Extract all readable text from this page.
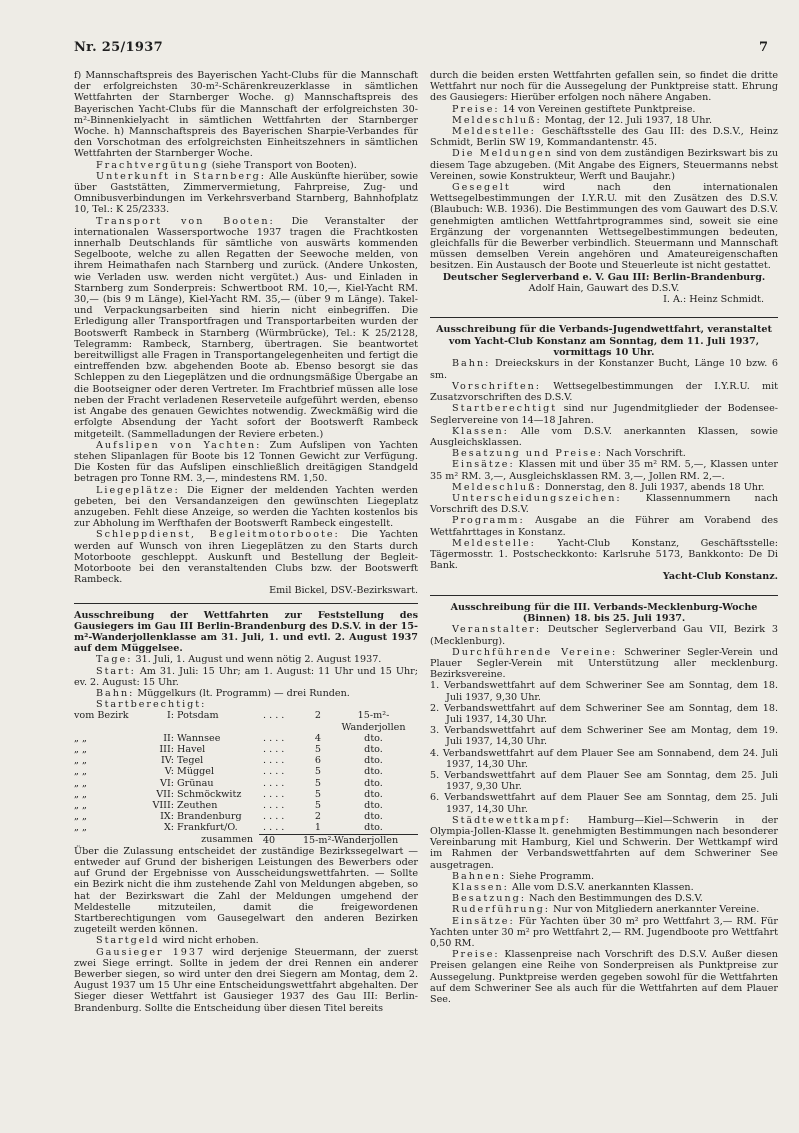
Nr. 25/1937	7

f) Mannschaftspreis des Bayerischen Yacht-Clubs für die Mannschaft der erfolgreichsten 30-m²-Schärenkreuzerklasse in sämtlichen Wettfahrten der Starnberger Woche. g) Mannschaftspreis des Bayerischen Yacht-Clubs für die Mannschaft der erfolgreichsten 30-m²-Binnenkielyacht in sämtlichen Wettfahrten der Starnberger Woche. h) Mannschaftspreis des Bayerischen Sharpie-Verbandes für den Vorschotman des erfolgreichsten Einheitszehners in sämtlichen Wettfahrten der Starnberger Woche.

Frachtvergütung (siehe Transport von Booten).

Unterkunft in Starnberg: Alle Auskünfte hierüber, sowie über Gaststätten, Zimmervermietung, Fahrpreise, Zug- und Omnibusverbindungen im Verkehrsverband Starnberg, Bahnhofplatz 10, Tel.: K 25/2333.

Transport von Booten: Die Veranstalter der internationalen Wassersportwoche 1937 tragen die Frachtkosten innerhalb Deutschlands für sämtliche von auswärts kommenden Segelboote, welche zu allen Regatten der Seewoche melden, von ihrem Heimathafen nach Starnberg und zurück. (Andere Unkosten, wie Verladen usw. werden nicht vergütet.) Aus- und Einladen in Starnberg zum Sonderpreis: Schwertboot RM. 10,—, Kiel-Yacht RM. 30,— (bis 9 m Länge), Kiel-Yacht RM. 35,— (über 9 m Länge). Takel- und Verpackungsarbeiten sind hierin nicht einbegriffen. Die Erledigung aller Transportfragen und Transportarbeiten wurden der Bootswerft Rambeck in Starnberg (Würmbrücke), Tel.: K 25/2128, Telegramm: Rambeck, Starnberg, übertragen. Sie beantwortet bereitwilligst alle Fragen in Transportangelegenheiten und fertigt die eintreffenden bzw. abgehenden Boote ab. Ebenso besorgt sie das Schleppen zu den Liegeplätzen und die ordnungsmäßige Übergabe an die Bootseigner oder deren Vertreter. Im Frachtbrief müssen alle lose neben der Fracht verladenen Reserveteile aufgeführt werden, ebenso ist Angabe des genauen Gewichtes notwendig. Zweckmäßig wird die erfolgte Absendung der Yacht sofort der Bootswerft Rambeck mitgeteilt. (Sammelladungen der Reviere erbeten.)

Aufslipen von Yachten: Zum Aufslipen von Yachten stehen Slipanlagen für Boote bis 12 Tonnen Gewicht zur Verfügung. Die Kosten für das Aufslipen einschließlich dreitägigen Standgeld betragen pro Tonne RM. 3,—, mindestens RM. 1,50.

Liegeplätze: Die Eigner der meldenden Yachten werden gebeten, bei den Versandanzeigen den gewünschten Liegeplatz anzugeben. Fehlt diese Anzeige, so werden die Yachten kostenlos bis zur Abholung im Werfthafen der Bootswerft Rambeck eingestellt.

Schleppdienst, Begleitmotorboote: Die Yachten werden auf Wunsch von ihren Liegeplätzen zu den Starts durch Motorboote geschleppt. Auskunft und Bestellung der Begleit-Motorboote bei den veranstaltenden Clubs bzw. der Bootswerft Rambeck.

Emil Bickel, DSV.-Bezirkswart.

Ausschreibung der Wettfahrten zur Feststellung des Gausiegers im Gau III Berlin-Brandenburg des D.S.V. in der 15-m²-Wanderjollenklasse am 31. Juli, 1. und evtl. 2. August 1937 auf dem Müggelsee.

Tage: 31. Juli, 1. August und wenn nötig 2. August 1937.

Start: Am 31. Juli: 15 Uhr; am 1. August: 11 Uhr und 15 Uhr; ev. 2. August: 15 Uhr.

Bahn: Müggelkurs (lt. Programm) — drei Runden.

Startberechtigt:

vom Bezirk	I:	Potsdam	. . . .	2	15-m²-Wanderjollen
„ „	II:	Wannsee	. . . .	4	dto.
„ „	III:	Havel	. . . .	5	dto.
„ „	IV:	Tegel	. . . .	6	dto.
„ „	V:	Müggel	. . . .	5	dto.
„ „	VI:	Grünau	. . . .	5	dto.
„ „	VII:	Schmöckwitz	. . . .	5	dto.
„ „	VIII:	Zeuthen	. . . .	5	dto.
„ „	IX:	Brandenburg	. . . .	2	dto.
„ „	X:	Frankfurt/O.	. . . .	1	dto.
		zusammen	40	15-m²-Wanderjollen

Über die Zulassung entscheidet der zuständige Bezirkssegelwart — entweder auf Grund der bisherigen Leistungen des Bewerbers oder auf Grund der Ergebnisse von Ausscheidungswettfahrten. — Sollte ein Bezirk nicht die ihm zustehende Zahl von Meldungen abgeben, so hat der Bezirkswart die Zahl der Meldungen umgehend der Meldestelle mitzuteilen, damit die freigewordenen Startberechtigungen vom Gausegelwart den anderen Bezirken zugeteilt werden können.

Startgeld wird nicht erhoben.

Gausieger 1937 wird derjenige Steuermann, der zuerst zwei Siege erringt. Sollte in jedem der drei Rennen ein anderer Bewerber siegen, so wird unter den drei Siegern am Montag, dem 2. August 1937 um 15 Uhr eine Entscheidungswettfahrt abgehalten. Der Sieger dieser Wettfahrt ist Gausieger 1937 des Gau III: Berlin-Brandenburg. Sollte die Entscheidung über diesen Titel bereits

durch die beiden ersten Wettfahrten gefallen sein, so findet die dritte Wettfahrt nur noch für die Aussegelung der Punktpreise statt. Ehrung des Gausiegers: Hierüber erfolgen noch nähere Angaben.

Preise: 14 von Vereinen gestiftete Punktpreise.

Meldeschluß: Montag, der 12. Juli 1937, 18 Uhr.

Meldestelle: Geschäftsstelle des Gau III: des D.S.V., Heinz Schmidt, Berlin SW 19, Kommandantenstr. 45.

Die Meldungen sind von dem zuständigen Bezirkswart bis zu diesem Tage abzugeben. (Mit Angabe des Eigners, Steuermanns nebst Vereinen, sowie Konstrukteur, Werft und Baujahr.)

Gesegelt wird nach den internationalen Wettsegelbestimmungen der I.Y.R.U. mit den Zusätzen des D.S.V. (Blaubuch: W.B. 1936). Die Bestimmungen des vom Gauwart des D.S.V. genehmigten amtlichen Wettfahrtprogrammes sind, soweit sie eine Ergänzung der vorgenannten Wettsegelbestimmungen bedeuten, gleichfalls für die Bewerber verbindlich. Steuermann und Mannschaft müssen demselben Verein angehören und Amateureigenschaften besitzen. Ein Austausch der Boote und Steuerleute ist nicht gestattet.

Deutscher Seglerverband e. V. Gau III: Berlin-Brandenburg.

Adolf Hain, Gauwart des D.S.V.

I. A.: Heinz Schmidt.

Ausschreibung für die Verbands-Jugendwettfahrt, veranstaltet vom Yacht-Club Konstanz am Sonntag, dem 11. Juli 1937, vormittags 10 Uhr.

Bahn: Dreieckskurs in der Konstanzer Bucht, Länge 10 bzw. 6 sm.

Vorschriften: Wettsegelbestimmungen der I.Y.R.U. mit Zusatzvorschriften des D.S.V.

Startberechtigt sind nur Jugendmitglieder der Bodensee-Seglervereine von 14—18 Jahren.

Klassen: Alle vom D.S.V. anerkannten Klassen, sowie Ausgleichsklassen.

Besatzung und Preise: Nach Vorschrift.

Einsätze: Klassen mit und über 35 m² RM. 5,—, Klassen unter 35 m² RM. 3,—, Ausgleichsklassen RM. 3,—, Jollen RM. 2,—.

Meldeschluß: Donnerstag, den 8. Juli 1937, abends 18 Uhr.

Unterscheidungszeichen: Klassennummern nach Vorschrift des D.S.V.

Programm: Ausgabe an die Führer am Vorabend des Wettfahrttages in Konstanz.

Meldestelle: Yacht-Club Konstanz, Geschäftsstelle: Tägermosstr. 1. Postscheckkonto: Karlsruhe 5173, Bankkonto: De Di Bank.

Yacht-Club Konstanz.

Ausschreibung für die III. Verbands-Mecklenburg-Woche (Binnen) 18. bis 25. Juli 1937.

Veranstalter: Deutscher Seglerverband Gau VII, Bezirk 3 (Mecklenburg).

Durchführende Vereine: Schweriner Segler-Verein und Plauer Segler-Verein mit Unterstützung aller mecklenburg. Bezirksvereine.

1. Verbandswettfahrt auf dem Schweriner See am Sonntag, dem 18. Juli 1937, 9,30 Uhr.

2. Verbandswettfahrt auf dem Schweriner See am Sonntag, dem 18. Juli 1937, 14,30 Uhr.

3. Verbandswettfahrt auf dem Schweriner See am Montag, dem 19. Juli 1937, 14,30 Uhr.

4. Verbandswettfahrt auf dem Plauer See am Sonnabend, dem 24. Juli 1937, 14,30 Uhr.

5. Verbandswettfahrt auf dem Plauer See am Sonntag, dem 25. Juli 1937, 9,30 Uhr.

6. Verbandswettfahrt auf dem Plauer See am Sonntag, dem 25. Juli 1937, 14,30 Uhr.

Städtewettkampf: Hamburg—Kiel—Schwerin in der Olympia-Jollen-Klasse lt. genehmigten Bestimmungen nach besonderer Vereinbarung mit Hamburg, Kiel und Schwerin. Der Wettkampf wird im Rahmen der Verbandswettfahrten auf dem Schweriner See ausgetragen.

Bahnen: Siehe Programm.

Klassen: Alle vom D.S.V. anerkannten Klassen.

Besatzung: Nach den Bestimmungen des D.S.V.

Ruderführung: Nur von Mitgliedern anerkannter Vereine.

Einsätze: Für Yachten über 30 m² pro Wettfahrt 3,— RM. Für Yachten unter 30 m² pro Wettfahrt 2,— RM. Jugendboote pro Wettfahrt 0,50 RM.

Preise: Klassenpreise nach Vorschrift des D.S.V. Außer diesen Preisen gelangen eine Reihe von Sonderpreisen als Punktpreise zur Aussegelung. Punktpreise werden gegeben sowohl für die Wettfahrten auf dem Schweriner See als auch für die Wettfahrten auf dem Plauer See.
